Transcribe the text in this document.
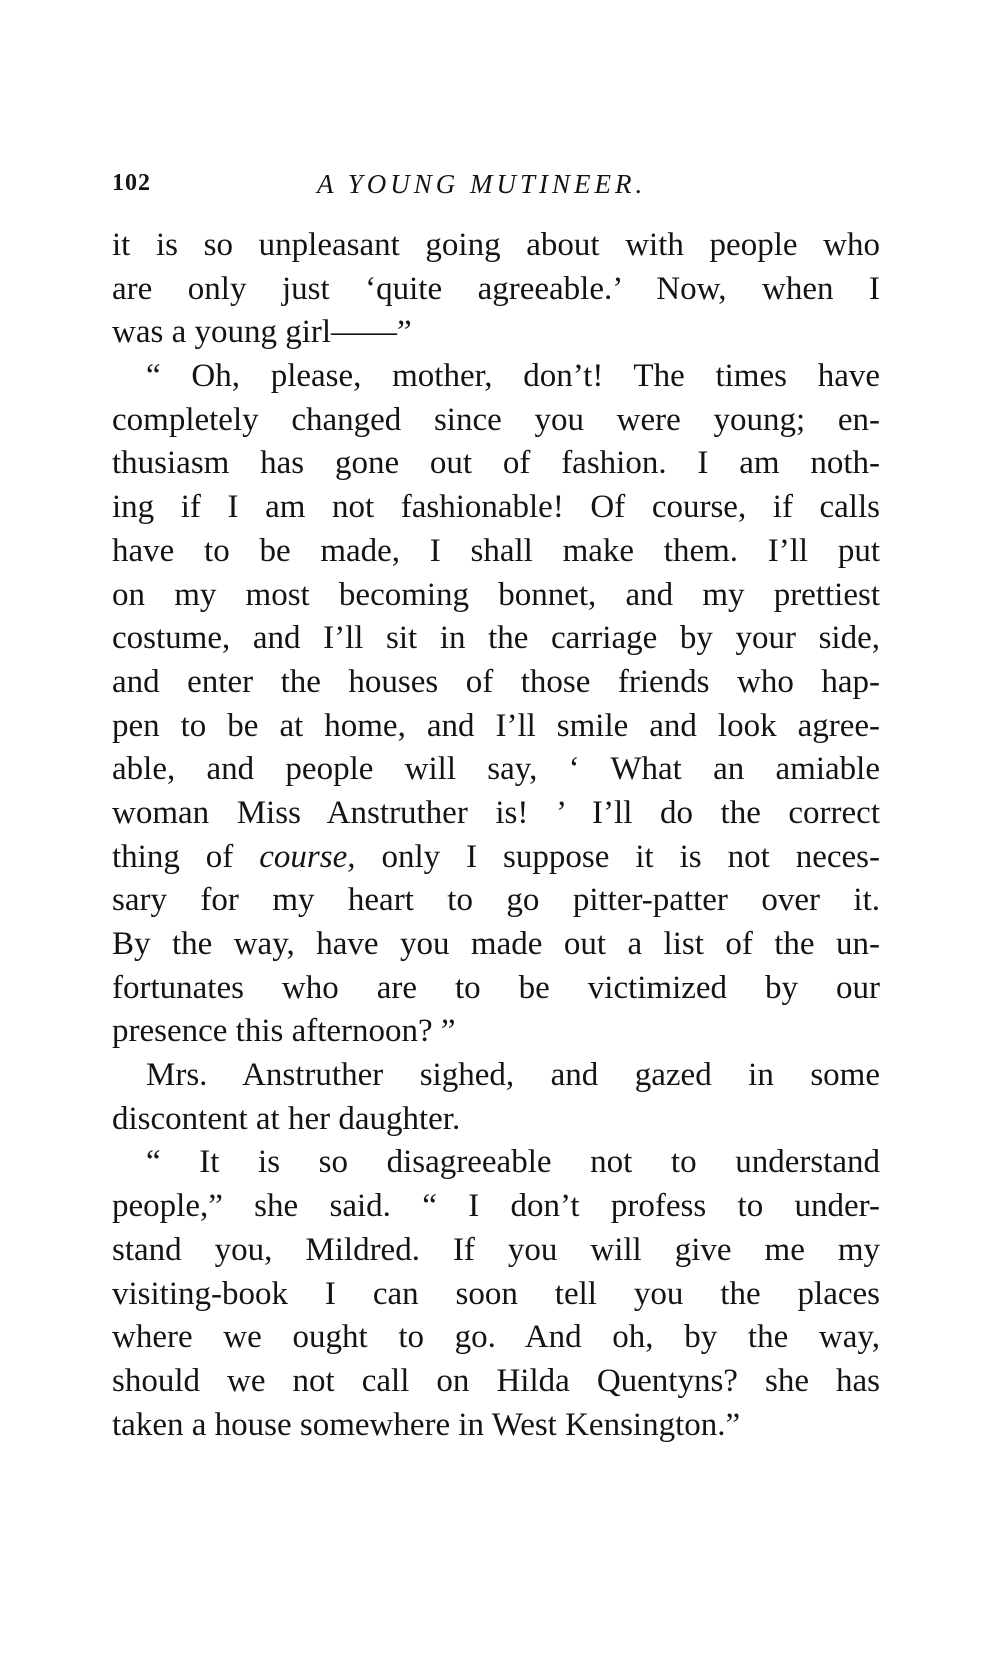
102	A YOUNG MUTINEER.
it is so unpleasant going about with people who
are only just ‘quite agreeable.’ Now, when I
was a young girl——”
“ Oh, please, mother, don’t! The times have
completely changed since you were young; en-
thusiasm has gone out of fashion. I am noth-
ing if I am not fashionable! Of course, if calls
have to be made, I shall make them. I’ll put
on my most becoming bonnet, and my prettiest
costume, and I’ll sit in the carriage by your side,
and enter the houses of those friends who hap-
pen to be at home, and I’ll smile and look agree-
able, and people will say, ‘ What an amiable
woman Miss Anstruther is! ’ I’ll do the correct
thing of course, only I suppose it is not neces-
sary for my heart to go pitter-patter over it.
By the way, have you made out a list of the un-
fortunates who are to be victimized by our
presence this afternoon? ”
Mrs. Anstruther sighed, and gazed in some
discontent at her daughter.
“ It is so disagreeable not to understand
people,” she said. “ I don’t profess to under-
stand you, Mildred. If you will give me my
visiting-book I can soon tell you the places
where we ought to go. And oh, by the way,
should we not call on Hilda Quentyns? she has
taken a house somewhere in West Kensington.”
